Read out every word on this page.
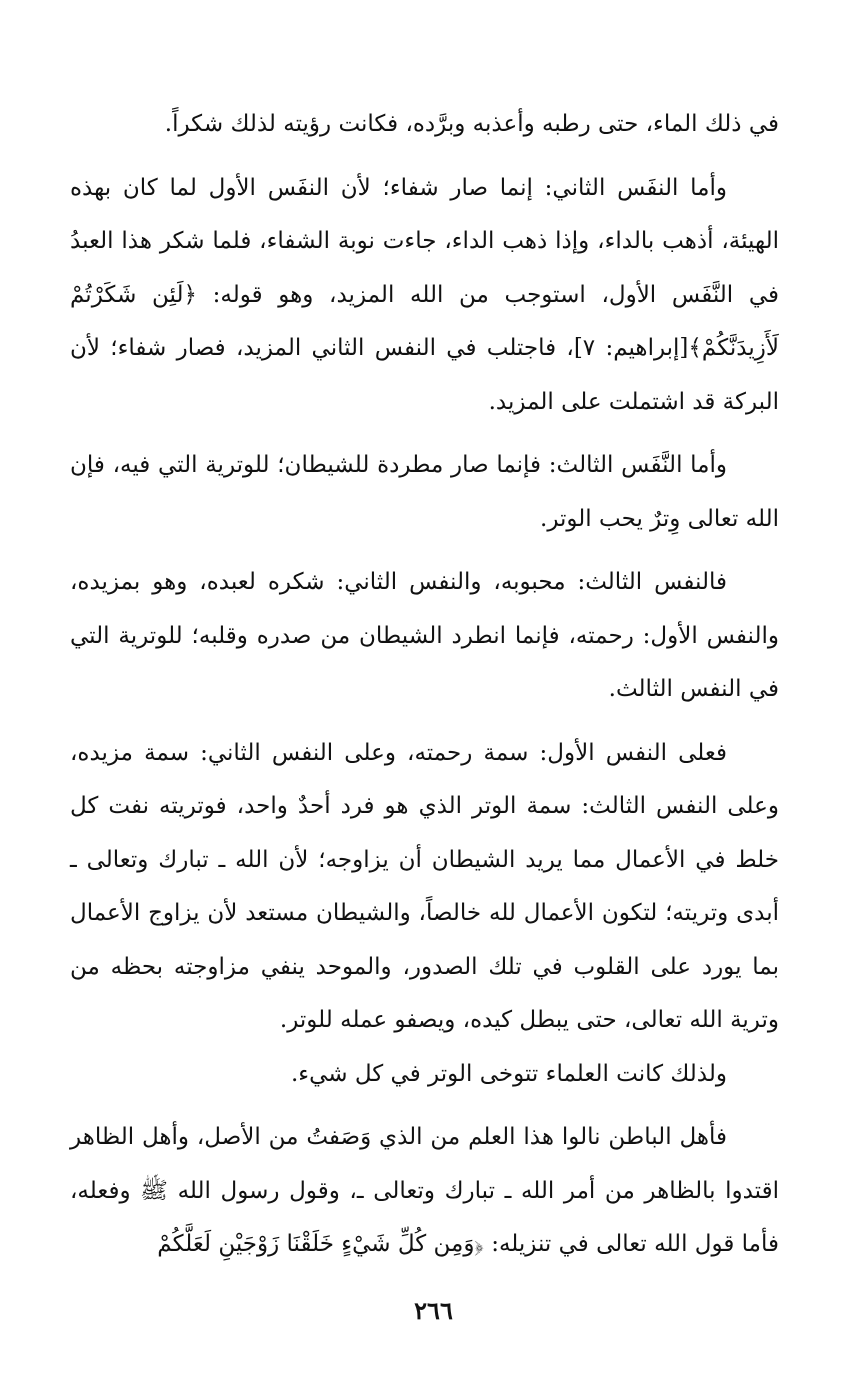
في ذلك الماء، حتى رطبه وأعذبه وبرَّده، فكانت رؤيته لذلك شكراً.

وأما النفَس الثاني: إنما صار شفاء؛ لأن النفَس الأول لما كان بهذه الهيئة، أذهب بالداء، وإذا ذهب الداء، جاءت نوبة الشفاء، فلما شكر هذا العبدُ في النَّفَس الأول، استوجب من الله المزيد، وهو قوله: ﴿لَئِن شَكَرْتُمْ لَأَزِيدَنَّكُمْ﴾[إبراهيم: ٧]، فاجتلب في النفس الثاني المزيد، فصار شفاء؛ لأن البركة قد اشتملت على المزيد.

وأما النَّفَس الثالث: فإنما صار مطردة للشيطان؛ للوترية التي فيه، فإن الله تعالى وِترٌ يحب الوتر.

فالنفس الثالث: محبوبه، والنفس الثاني: شكره لعبده، وهو بمزيده، والنفس الأول: رحمته، فإنما انطرد الشيطان من صدره وقلبه؛ للوترية التي في النفس الثالث.

فعلى النفس الأول: سمة رحمته، وعلى النفس الثاني: سمة مزيده، وعلى النفس الثالث: سمة الوتر الذي هو فرد أحدٌ واحد، فوتريته نفت كل خلط في الأعمال مما يريد الشيطان أن يزاوجه؛ لأن الله ـ تبارك وتعالى ـ أبدى وتريته؛ لتكون الأعمال لله خالصاً، والشيطان مستعد لأن يزاوج الأعمال بما يورد على القلوب في تلك الصدور، والموحد ينفي مزاوجته بحظه من وترية الله تعالى، حتى يبطل كيده، ويصفو عمله للوتر.

ولذلك كانت العلماء تتوخى الوتر في كل شيء.

فأهل الباطن نالوا هذا العلم من الذي وَصَفتُ من الأصل، وأهل الظاهر اقتدوا بالظاهر من أمر الله ـ تبارك وتعالى ـ، وقول رسول الله ﷺ وفعله، فأما قول الله تعالى في تنزيله: ﴿وَمِن كُلِّ شَيْءٍ خَلَقْنَا زَوْجَيْنِ لَعَلَّكُمْ

٢٦٦
